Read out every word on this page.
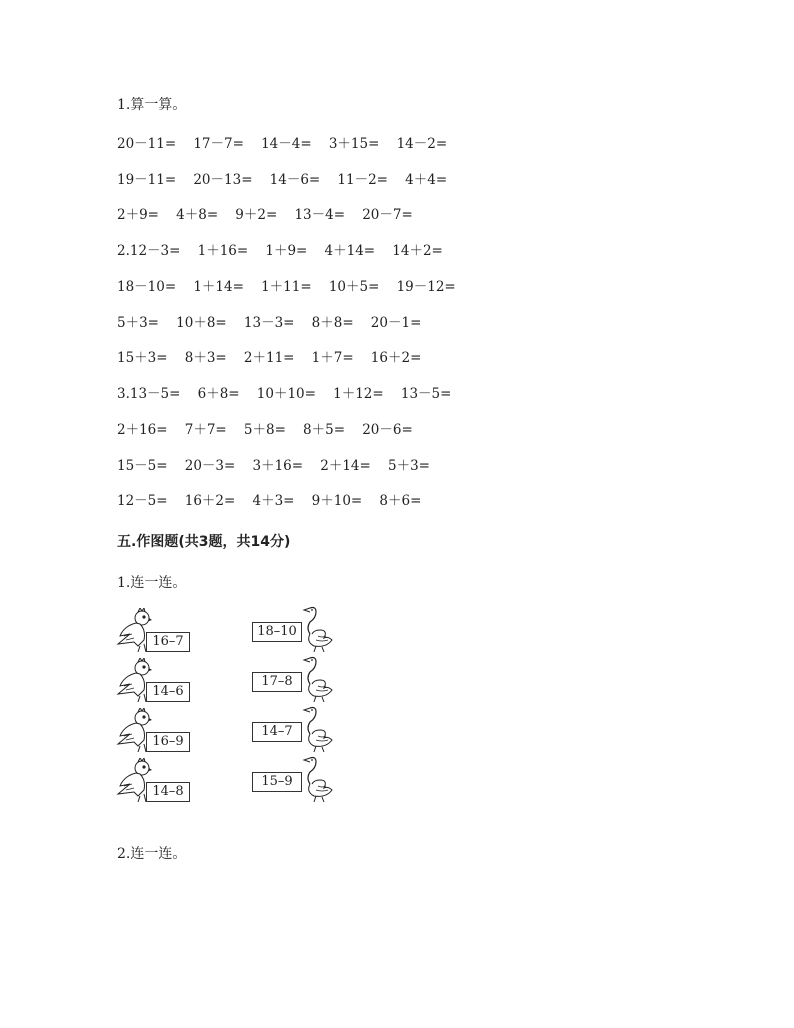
1.算一算。
20－11=    17－7=    14－4=    3＋15=    14－2=
19－11=    20－13=    14－6=    11－2=    4＋4=
2＋9=    4＋8=    9＋2=    13－4=    20－7=
2.12－3=    1＋16=    1＋9=    4＋14=    14＋2=
18－10=    1＋14=    1＋11=    10＋5=    19－12=
5＋3=    10＋8=    13－3=    8＋8=    20－1=
15＋3=    8＋3=    2＋11=    1＋7=    16＋2=
3.13－5=    6＋8=    10＋10=    1＋12=    13－5=
2＋16=    7＋7=    5＋8=    8＋5=    20－6=
15－5=    20－3=    3＋16=    2＋14=    5＋3=
12－5=    16＋2=    4＋3=    9＋10=    8＋6=
五.作图题(共3题，共14分)
1.连一连。
16–7
14–6
16–9
14–8
18–10
17–8
14–7
15–9
2.连一连。
